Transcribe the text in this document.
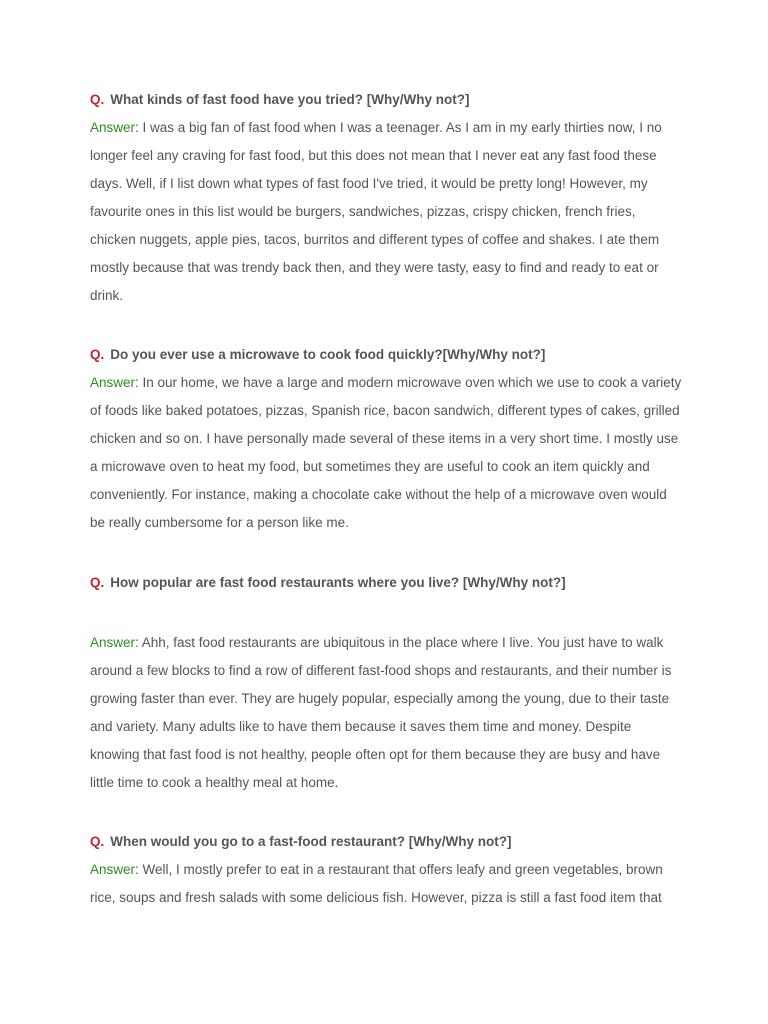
Q. What kinds of fast food have you tried? [Why/Why not?]
Answer: I was a big fan of fast food when I was a teenager. As I am in my early thirties now, I no longer feel any craving for fast food, but this does not mean that I never eat any fast food these days. Well, if I list down what types of fast food I've tried, it would be pretty long! However, my favourite ones in this list would be burgers, sandwiches, pizzas, crispy chicken, french fries, chicken nuggets, apple pies, tacos, burritos and different types of coffee and shakes. I ate them mostly because that was trendy back then, and they were tasty, easy to find and ready to eat or drink.
Q. Do you ever use a microwave to cook food quickly?[Why/Why not?]
Answer: In our home, we have a large and modern microwave oven which we use to cook a variety of foods like baked potatoes, pizzas, Spanish rice, bacon sandwich, different types of cakes, grilled chicken and so on. I have personally made several of these items in a very short time. I mostly use a microwave oven to heat my food, but sometimes they are useful to cook an item quickly and conveniently. For instance, making a chocolate cake without the help of a microwave oven would be really cumbersome for a person like me.
Q. How popular are fast food restaurants where you live? [Why/Why not?]
Answer: Ahh, fast food restaurants are ubiquitous in the place where I live. You just have to walk around a few blocks to find a row of different fast-food shops and restaurants, and their number is growing faster than ever. They are hugely popular, especially among the young, due to their taste and variety. Many adults like to have them because it saves them time and money. Despite knowing that fast food is not healthy, people often opt for them because they are busy and have little time to cook a healthy meal at home.
Q. When would you go to a fast-food restaurant? [Why/Why not?]
Answer: Well, I mostly prefer to eat in a restaurant that offers leafy and green vegetables, brown rice, soups and fresh salads with some delicious fish. However, pizza is still a fast food item that
